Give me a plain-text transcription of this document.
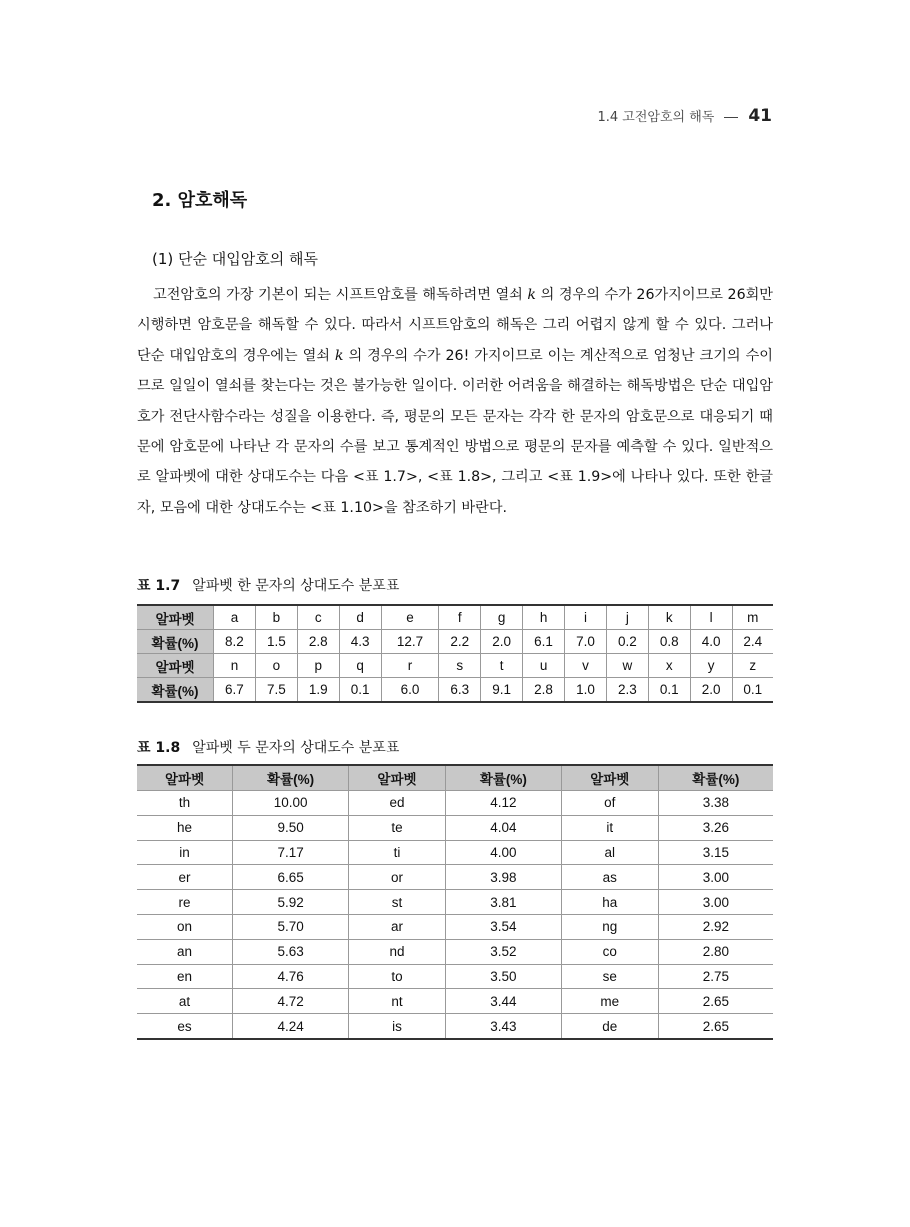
1.4 고전암호의 해독 41
2. 암호해독
(1) 단순 대입암호의 해독

고전암호의 가장 기본이 되는 시프트암호를 해독하려면 열쇠 k 의 경우의 수가 26가지이므로 26회만 시행하면 암호문을 해독할 수 있다. 따라서 시프트암호의 해독은 그리 어렵지 않게 할 수 있다. 그러나 단순 대입암호의 경우에는 열쇠 k 의 경우의 수가 26! 가지이므로 이는 계산적으로 엄청난 크기의 수이므로 일일이 열쇠를 찾는다는 것은 불가능한 일이다. 이러한 어려움을 해결하는 해독방법은 단순 대입암호가 전단사함수라는 성질을 이용한다. 즉, 평문의 모든 문자는 각각 한 문자의 암호문으로 대응되기 때문에 암호문에 나타난 각 문자의 수를 보고 통계적인 방법으로 평문의 문자를 예측할 수 있다. 일반적으로 알파벳에 대한 상대도수는 다음 <표 1.7>, <표 1.8>, 그리고 <표 1.9>에 나타나 있다. 또한 한글 자, 모음에 대한 상대도수는 <표 1.10>을 참조하기 바란다.

표 1.7 알파벳 한 문자의 상대도수 분포표
알파벳	a	b	c	d	e	f	g	h	i	j	k	l	m
확률(%)	8.2	1.5	2.8	4.3	12.7	2.2	2.0	6.1	7.0	0.2	0.8	4.0	2.4
알파벳	n	o	p	q	r	s	t	u	v	w	x	y	z
확률(%)	6.7	7.5	1.9	0.1	6.0	6.3	9.1	2.8	1.0	2.3	0.1	2.0	0.1
표 1.8 알파벳 두 문자의 상대도수 분포표
알파벳	확률(%)	알파벳	확률(%)	알파벳	확률(%)
th	10.00	ed	4.12	of	3.38
he	9.50	te	4.04	it	3.26
in	7.17	ti	4.00	al	3.15
er	6.65	or	3.98	as	3.00
re	5.92	st	3.81	ha	3.00
on	5.70	ar	3.54	ng	2.92
an	5.63	nd	3.52	co	2.80
en	4.76	to	3.50	se	2.75
at	4.72	nt	3.44	me	2.65
es	4.24	is	3.43	de	2.65
